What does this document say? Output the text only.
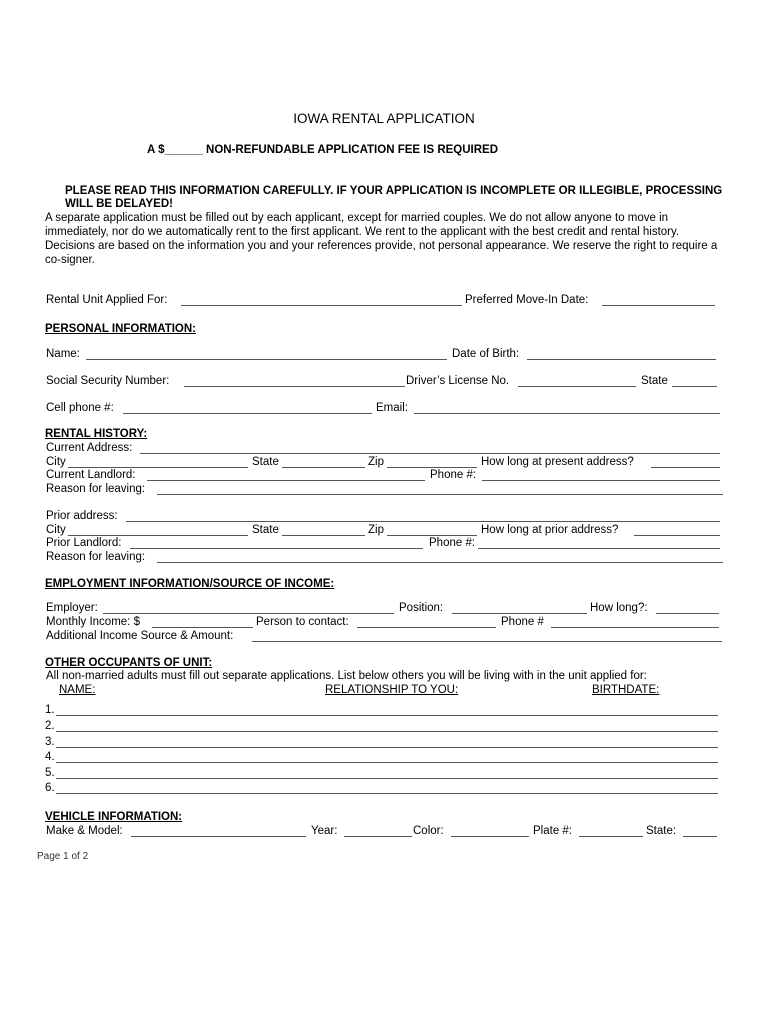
IOWA RENTAL APPLICATION
A $______ NON-REFUNDABLE APPLICATION FEE IS REQUIRED
PLEASE READ THIS INFORMATION CAREFULLY. IF YOUR APPLICATION IS INCOMPLETE OR ILLEGIBLE, PROCESSING WILL BE DELAYED!
A separate application must be filled out by each applicant, except for married couples. We do not allow anyone to move in immediately, nor do we automatically rent to the first applicant. We rent to the applicant with the best credit and rental history. Decisions are based on the information you and your references provide, not personal appearance. We reserve the right to require a co-signer.
Rental Unit Applied For:	Preferred Move-In Date:
PERSONAL INFORMATION:
Name:	Date of Birth:
Social Security Number:	Driver’s License No.	State
Cell phone #:	Email:
RENTAL HISTORY:
Current Address:
City	State	Zip	How long at present address?
Current Landlord:	Phone #:
Reason for leaving:
Prior address:
City	State	Zip	How long at prior address?
Prior Landlord:	Phone #:
Reason for leaving:
EMPLOYMENT INFORMATION/SOURCE OF INCOME:
Employer:	Position:	How long?:
Monthly Income: $	Person to contact:	Phone #
Additional Income Source & Amount:
OTHER OCCUPANTS OF UNIT:
All non-married adults must fill out separate applications. List below others you will be living with in the unit applied for:
NAME:	RELATIONSHIP TO YOU:	BIRTHDATE:
1.
2.
3.
4.
5.
6.
VEHICLE INFORMATION:
Make & Model:	Year:	Color:	Plate #:	State:
Page 1 of 2
